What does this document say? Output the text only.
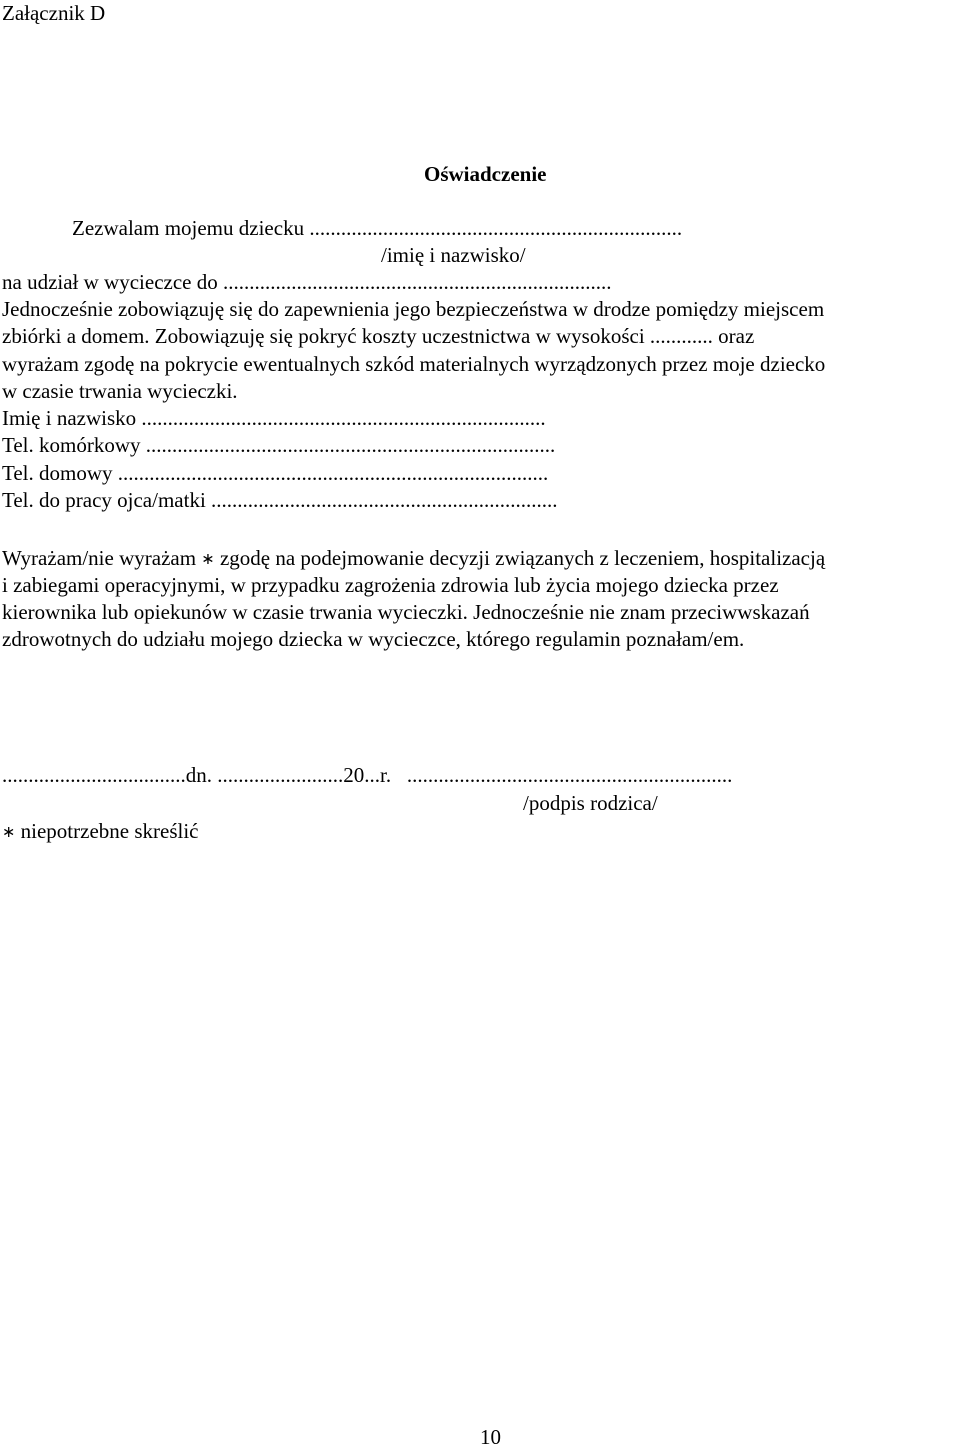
Załącznik D

Oświadczenie

Zezwalam mojemu dziecku .......................................................................

/imię i nazwisko/

na udział w wycieczce do ..........................................................................

Jednocześnie zobowiązuję się do zapewnienia jego bezpieczeństwa w drodze pomiędzy miejscem

zbiórki a domem. Zobowiązuję się pokryć koszty uczestnictwa w wysokości ............ oraz

wyrażam zgodę na pokrycie ewentualnych szkód materialnych wyrządzonych przez moje dziecko

w czasie trwania wycieczki.

Imię i nazwisko .............................................................................

Tel. komórkowy ..............................................................................

Tel. domowy ..................................................................................

Tel. do pracy ojca/matki ..................................................................

Wyrażam/nie wyrażam ∗ zgodę na podejmowanie decyzji związanych z leczeniem, hospitalizacją

i zabiegami operacyjnymi, w przypadku zagrożenia zdrowia lub życia mojego dziecka przez

kierownika lub opiekunów w czasie trwania wycieczki. Jednocześnie nie znam przeciwwskazań

zdrowotnych do udziału mojego dziecka w wycieczce, którego regulamin poznałam/em.

...................................dn. ........................20...r.   ..............................................................

/podpis rodzica/

∗ niepotrzebne skreślić

10
